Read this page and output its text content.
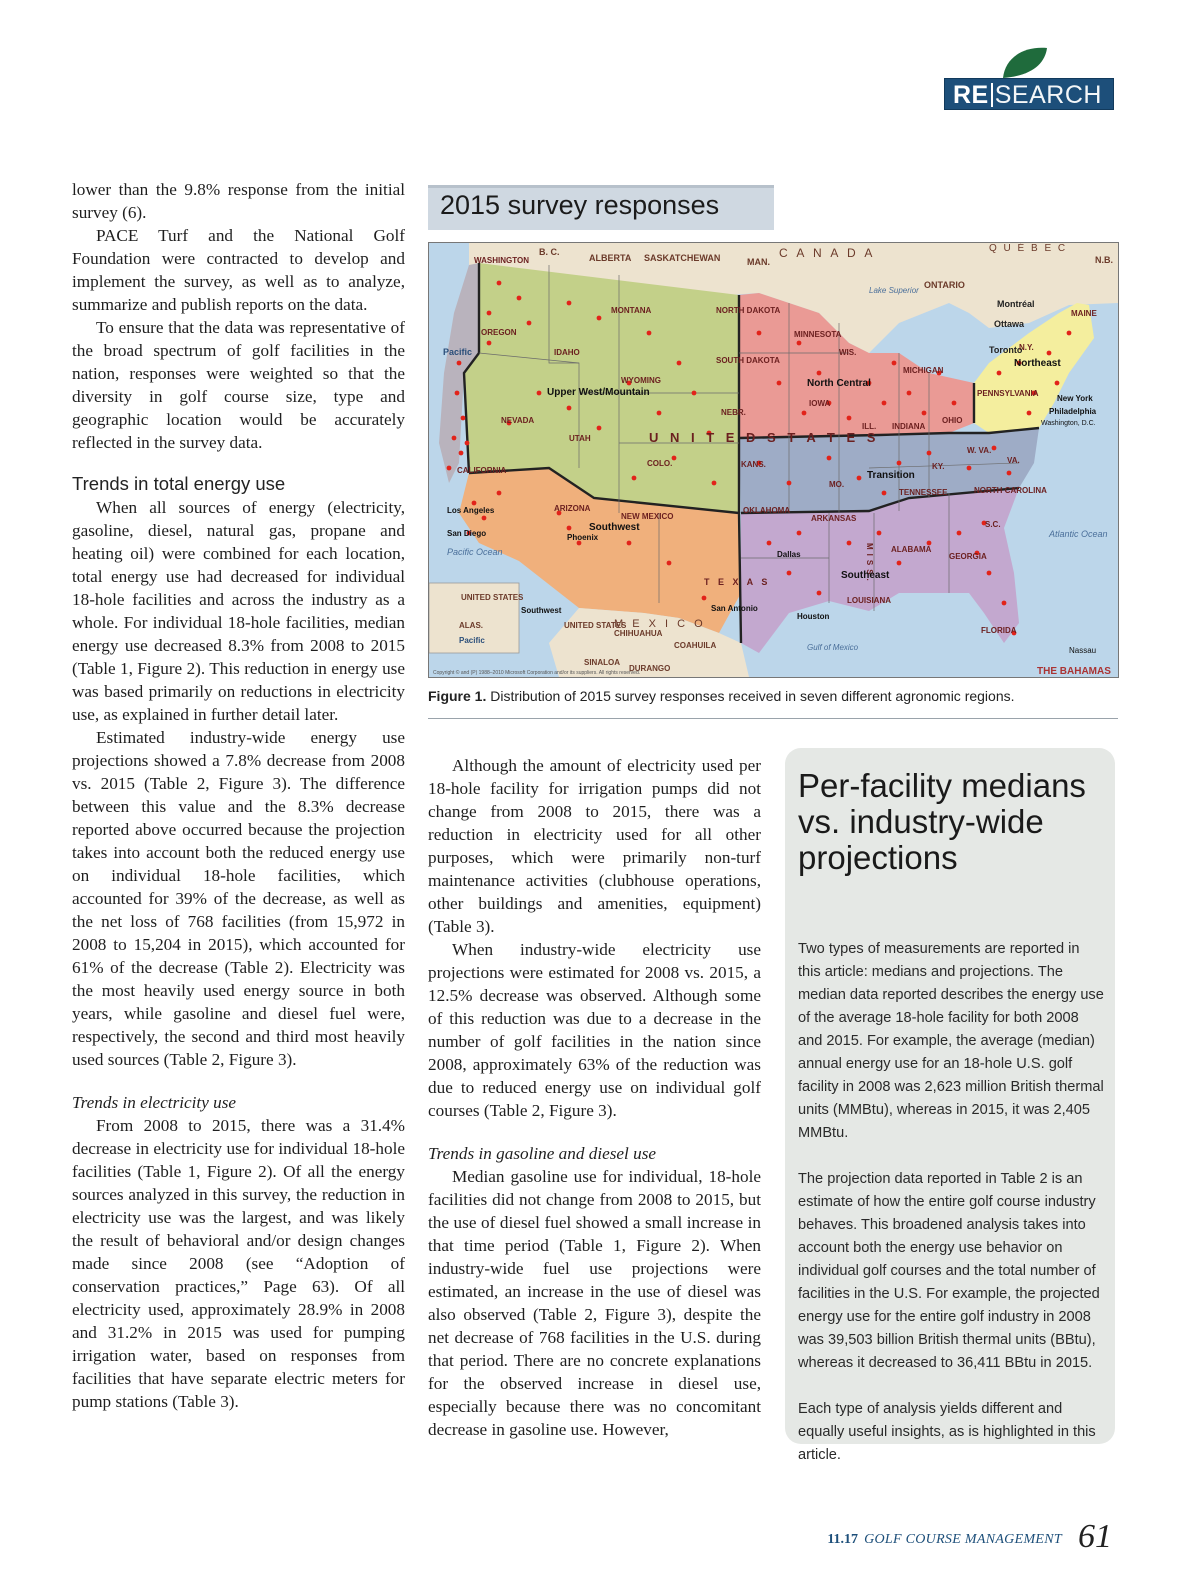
RE SEARCH

lower than the 9.8% response from the initial survey (6).

PACE Turf and the National Golf Foundation were contracted to develop and implement the survey, as well as to analyze, summarize and publish reports on the data.

To ensure that the data was representative of the broad spectrum of golf facilities in the nation, responses were weighted so that the diversity in golf course size, type and geographic location would be accurately reflected in the survey data.

Trends in total energy use

When all sources of energy (electricity, gasoline, diesel, natural gas, propane and heating oil) were combined for each location, total energy use had decreased for individual 18-hole facilities and across the industry as a whole. For individual 18-hole facilities, median energy use decreased 8.3% from 2008 to 2015 (Table 1, Figure 2). This reduction in energy use was based primarily on reductions in electricity use, as explained in further detail later.

Estimated industry-wide energy use projections showed a 7.8% decrease from 2008 vs. 2015 (Table 2, Figure 3). The difference between this value and the 8.3% decrease reported above occurred because the projection takes into account both the reduced energy use on individual 18-hole facilities, which accounted for 39% of the decrease, as well as the net loss of 768 facilities (from 15,972 in 2008 to 15,204 in 2015), which accounted for 61% of the decrease (Table 2). Electricity was the most heavily used energy source in both years, while gasoline and diesel fuel were, respectively, the second and third most heavily used sources (Table 2, Figure 3).

Trends in electricity use

From 2008 to 2015, there was a 31.4% decrease in electricity use for individual 18-hole facilities (Table 1, Figure 2). Of all the energy sources analyzed in this survey, the reduction in electricity use was the largest, and was likely the result of behavioral and/or design changes made since 2008 (see “Adoption of conservation practices,” Page 63). Of all electricity used, approximately 28.9% in 2008 and 31.2% in 2015 was used for pumping irrigation water, based on responses from facilities that have separate electric meters for pump stations (Table 3).

2015 survey responses
B. C.
ALBERTA SASKATCHEWAN	MAN.
ONTARIO
N.B.
Montréal
Ottawa
Toronto
C A N A D A	Q U É B E C
Lake Superior
WASHINGTON
OREGON
IDAHO
MONTANA
WYOMING
NEVADA
UTAH
COLO.
CALIFORNIA
ARIZONA
NEW MEXICO
NORTH DAKOTA
SOUTH DAKOTA
NEBR.
KANS.
OKLAHOMA
MINNESOTA
IOWA
WIS.
ILL.
MO.
ARKANSAS
LOUISIANA
MICHIGAN
INDIANA
OHIO
KY.
TENNESSEE
ALABAMA
GEORGIA
FLORIDA
S.C.
NORTH CAROLINA
VA.
W. VA.
PENNSYLVANIA
N.Y.
MAINE
MISS.
T E X A S
U N I T E D S T A T E S
Los Angeles
San Diego	Phoenix
Dallas
Houston
San Antonio
New York
Philadelphia
Washington, D.C.
Nassau
Pacific
Pacific Ocean
Atlantic Ocean
Gulf of Mexico
Upper West/Mountain
North Central
Northeast
Transition
Southwest
Southeast
UNITED STATES
ALAS.
Pacific
Southwest
UNITED STATES
CHIHUAHUA
COAHUILA
SINALOA
DURANGO
M E X I C O
THE BAHAMAS
Copyright © and (P) 1988–2010 Microsoft Corporation and/or its suppliers. All rights reserved.
Figure 1. Distribution of 2015 survey responses received in seven different agronomic regions.

Although the amount of electricity used per 18-hole facility for irrigation pumps did not change from 2008 to 2015, there was a reduction in electricity used for all other purposes, which were primarily non-turf maintenance activities (clubhouse operations, other buildings and amenities, equipment) (Table 3).

When industry-wide electricity use projections were estimated for 2008 vs. 2015, a 12.5% decrease was observed. Although some of this reduction was due to a decrease in the number of golf facilities in the nation since 2008, approximately 63% of the reduction was due to reduced energy use on individual golf courses (Table 2, Figure 3).

Trends in gasoline and diesel use

Median gasoline use for individual, 18-hole facilities did not change from 2008 to 2015, but the use of diesel fuel showed a small increase in that time period (Table 1, Figure 2). When industry-wide fuel use projections were estimated, an increase in the use of diesel was also observed (Table 2, Figure 3), despite the net decrease of 768 facilities in the U.S. during that period. There are no concrete explanations for the observed increase in diesel use, especially because there was no concomitant decrease in gasoline use. However,

Per-facility medians vs. industry-wide projections

Two types of measurements are reported in this article: medians and projections. The median data reported describes the energy use of the average 18-hole facility for both 2008 and 2015. For example, the average (median) annual energy use for an 18-hole U.S. golf facility in 2008 was 2,623 million British thermal units (MMBtu), whereas in 2015, it was 2,405 MMBtu.

The projection data reported in Table 2 is an estimate of how the entire golf course industry behaves. This broadened analysis takes into account both the energy use behavior on individual golf courses and the total number of facilities in the U.S. For example, the projected energy use for the entire golf industry in 2008 was 39,503 billion British thermal units (BBtu), whereas it decreased to 36,411 BBtu in 2015.

Each type of analysis yields different and equally useful insights, as is highlighted in this article.

11.17 GOLF COURSE MANAGEMENT 61
